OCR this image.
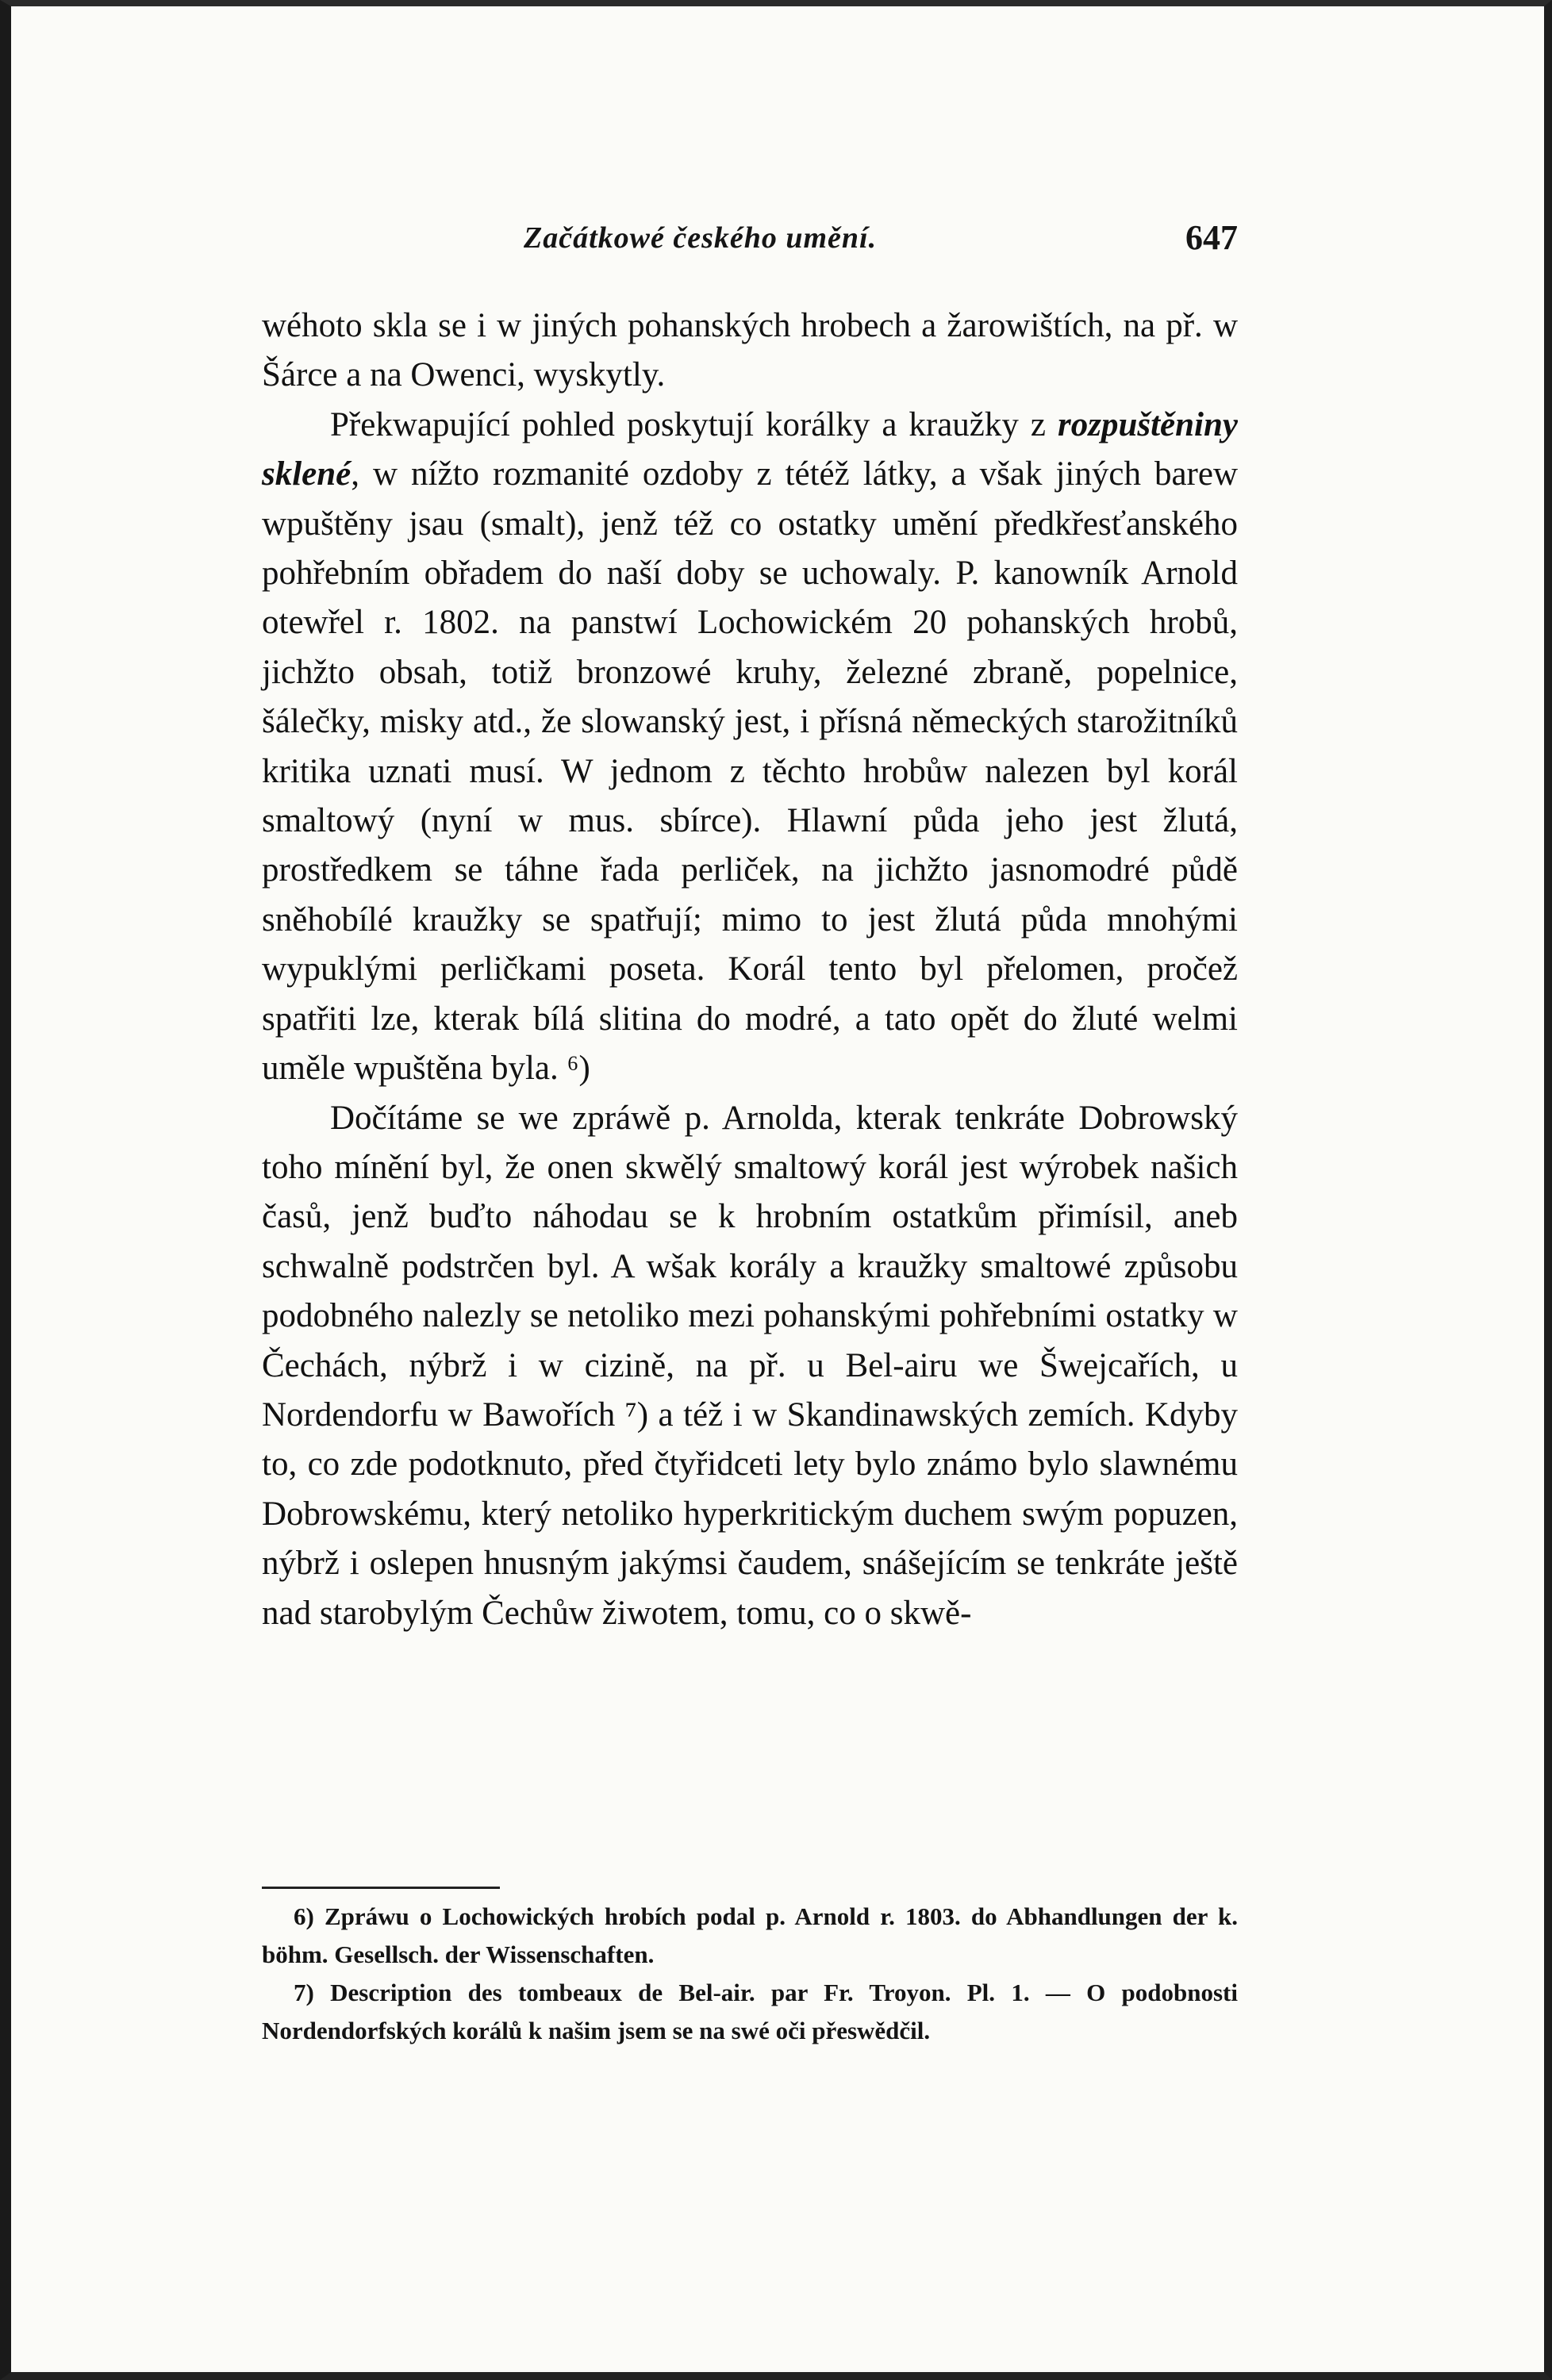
Začátkowé českého umění.	647

wéhoto skla se i w jiných pohanských hrobech a žarowištích, na př. w Šárce a na Owenci, wyskytly.

Překwapující pohled poskytují korálky a kraužky z rozpuštěniny sklené, w nížto rozmanité ozdoby z tétéž látky, a však jiných barew wpuštěny jsau (smalt), jenž též co ostatky umění předkřesťanského pohřebním obřadem do naší doby se uchowaly. P. kanowník Arnold otewřel r. 1802. na panstwí Lochowickém 20 pohanských hrobů, jichžto obsah, totiž bronzowé kruhy, železné zbraně, popelnice, šálečky, misky atd., že slowanský jest, i přísná německých starožitníků kritika uznati musí. W jednom z těchto hrobůw nalezen byl korál smaltowý (nyní w mus. sbírce). Hlawní půda jeho jest žlutá, prostředkem se táhne řada perliček, na jichžto jasnomodré půdě sněhobílé kraužky se spatřují; mimo to jest žlutá půda mnohými wypuklými perličkami poseta. Korál tento byl přelomen, pročež spatřiti lze, kterak bílá slitina do modré, a tato opět do žluté welmi uměle wpuštěna byla. ⁶)

Dočítáme se we zpráwě p. Arnolda, kterak tenkráte Dobrowský toho mínění byl, že onen skwělý smaltowý korál jest wýrobek našich časů, jenž buďto náhodau se k hrobním ostatkům přimísil, aneb schwalně podstrčen byl. A wšak korály a kraužky smaltowé způsobu podobného nalezly se netoliko mezi pohanskými pohřebními ostatky w Čechách, nýbrž i w cizině, na př. u Bel-airu we Šwejcařích, u Nordendorfu w Bawořích ⁷) a též i w Skandinawských zemích. Kdyby to, co zde podotknuto, před čtyřidceti lety bylo známo bylo slawnému Dobrowskému, který netoliko hyperkritickým duchem swým popuzen, nýbrž i oslepen hnusným jakýmsi čaudem, snášejícím se tenkráte ještě nad starobylým Čechůw žiwotem, tomu, co o skwě-

6) Zpráwu o Lochowických hrobích podal p. Arnold r. 1803. do Abhandlungen der k. böhm. Gesellsch. der Wissenschaften.

7) Description des tombeaux de Bel-air. par Fr. Troyon. Pl. 1. — O podobnosti Nordendorfských korálů k našim jsem se na swé oči přeswědčil.
